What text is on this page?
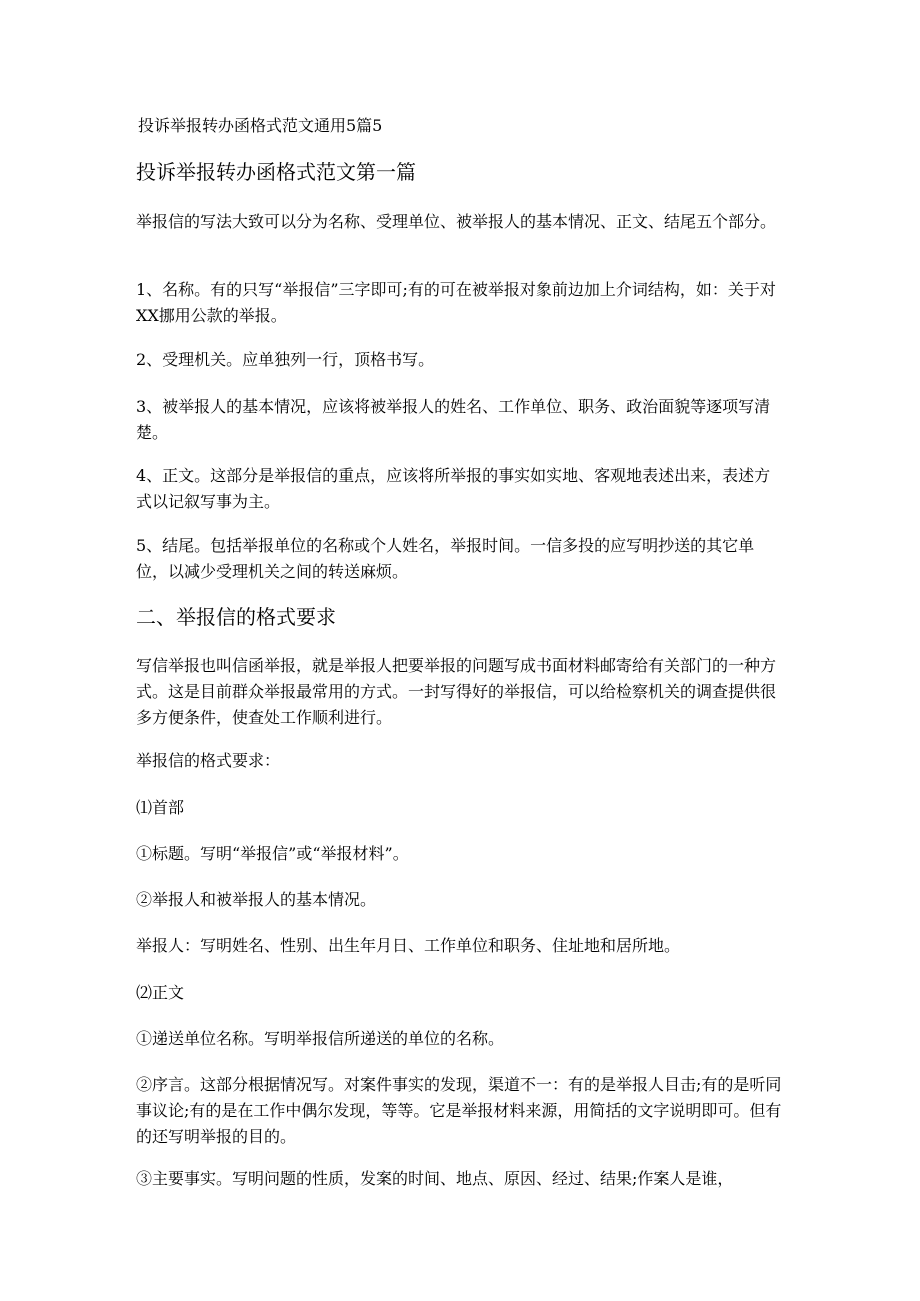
投诉举报转办函格式范文通用5篇5
投诉举报转办函格式范文第一篇

举报信的写法大致可以分为名称、受理单位、被举报人的基本情况、正文、结尾五个部分。

1、名称。有的只写“举报信”三字即可;有的可在被举报对象前边加上介词结构，如：关于对XX挪用公款的举报。

2、受理机关。应单独列一行，顶格书写。

3、被举报人的基本情况，应该将被举报人的姓名、工作单位、职务、政治面貌等逐项写清楚。

4、正文。这部分是举报信的重点，应该将所举报的事实如实地、客观地表述出来，表述方式以记叙写事为主。

5、结尾。包括举报单位的名称或个人姓名，举报时间。一信多投的应写明抄送的其它单位，以减少受理机关之间的转送麻烦。

二、举报信的格式要求

写信举报也叫信函举报，就是举报人把要举报的问题写成书面材料邮寄给有关部门的一种方式。这是目前群众举报最常用的方式。一封写得好的举报信，可以给检察机关的调查提供很多方便条件，使查处工作顺利进行。

举报信的格式要求：

⑴首部

①标题。写明“举报信”或“举报材料”。

②举报人和被举报人的基本情况。

举报人：写明姓名、性别、出生年月日、工作单位和职务、住址地和居所地。

⑵正文

①递送单位名称。写明举报信所递送的单位的名称。

②序言。这部分根据情况写。对案件事实的发现，渠道不一：有的是举报人目击;有的是听同事议论;有的是在工作中偶尔发现，等等。它是举报材料来源，用简括的文字说明即可。但有的还写明举报的目的。

③主要事实。写明问题的性质，发案的时间、地点、原因、经过、结果;作案人是谁，
